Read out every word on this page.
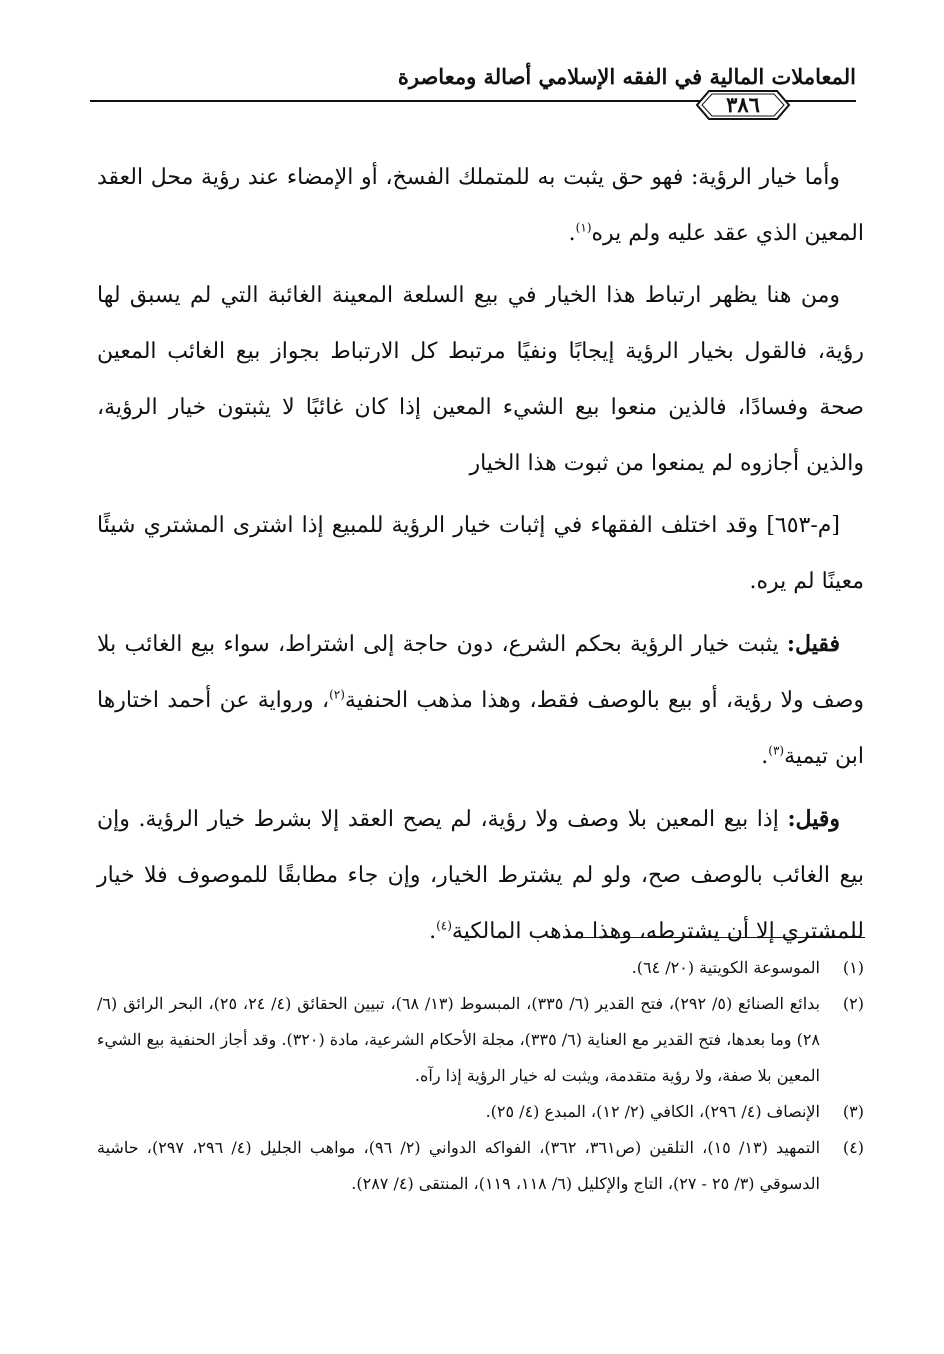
المعاملات المالية في الفقه الإسلامي أصالة ومعاصرة
٣٨٦

وأما خيار الرؤية: فهو حق يثبت به للمتملك الفسخ، أو الإمضاء عند رؤية محل العقد المعين الذي عقد عليه ولم يره$^{(١)}$.

ومن هنا يظهر ارتباط هذا الخيار في بيع السلعة المعينة الغائبة التي لم يسبق لها رؤية، فالقول بخيار الرؤية إيجابًا ونفيًا مرتبط كل الارتباط بجواز بيع الغائب المعين صحة وفسادًا، فالذين منعوا بيع الشيء المعين إذا كان غائبًا لا يثبتون خيار الرؤية، والذين أجازوه لم يمنعوا من ثبوت هذا الخيار

[م-٦٥٣] وقد اختلف الفقهاء في إثبات خيار الرؤية للمبيع إذا اشترى المشتري شيئًا معينًا لم يره.

فقيل: يثبت خيار الرؤية بحكم الشرع، دون حاجة إلى اشتراط، سواء بيع الغائب بلا وصف ولا رؤية، أو بيع بالوصف فقط، وهذا مذهب الحنفية$^{(٢)}$، ورواية عن أحمد اختارها ابن تيمية$^{(٣)}$.

وقيل: إذا بيع المعين بلا وصف ولا رؤية، لم يصح العقد إلا بشرط خيار الرؤية. وإن بيع الغائب بالوصف صح، ولو لم يشترط الخيار، وإن جاء مطابقًا للموصوف فلا خيار للمشتري إلا أن يشترطه، وهذا مذهب المالكية$^{(٤)}$.

(١)
الموسوعة الكويتية (٢٠/ ٦٤).
(٢)
بدائع الصنائع (٥/ ٢٩٢)، فتح القدير (٦/ ٣٣٥)، المبسوط (١٣/ ٦٨)، تبيين الحقائق (٤/ ٢٤، ٢٥)، البحر الرائق (٦/ ٢٨) وما بعدها، فتح القدير مع العناية (٦/ ٣٣٥)، مجلة الأحكام الشرعية، مادة (٣٢٠). وقد أجاز الحنفية بيع الشيء المعين بلا صفة، ولا رؤية متقدمة، ويثبت له خيار الرؤية إذا رآه.
(٣)
الإنصاف (٤/ ٢٩٦)، الكافي (٢/ ١٢)، المبدع (٤/ ٢٥).
(٤)
التمهيد (١٣/ ١٥)، التلقين (ص٣٦١، ٣٦٢)، الفواكه الدواني (٢/ ٩٦)، مواهب الجليل (٤/ ٢٩٦، ٢٩٧)، حاشية الدسوقي (٣/ ٢٥ - ٢٧)، التاج والإكليل (٦/ ١١٨، ١١٩)، المنتقى (٤/ ٢٨٧).
